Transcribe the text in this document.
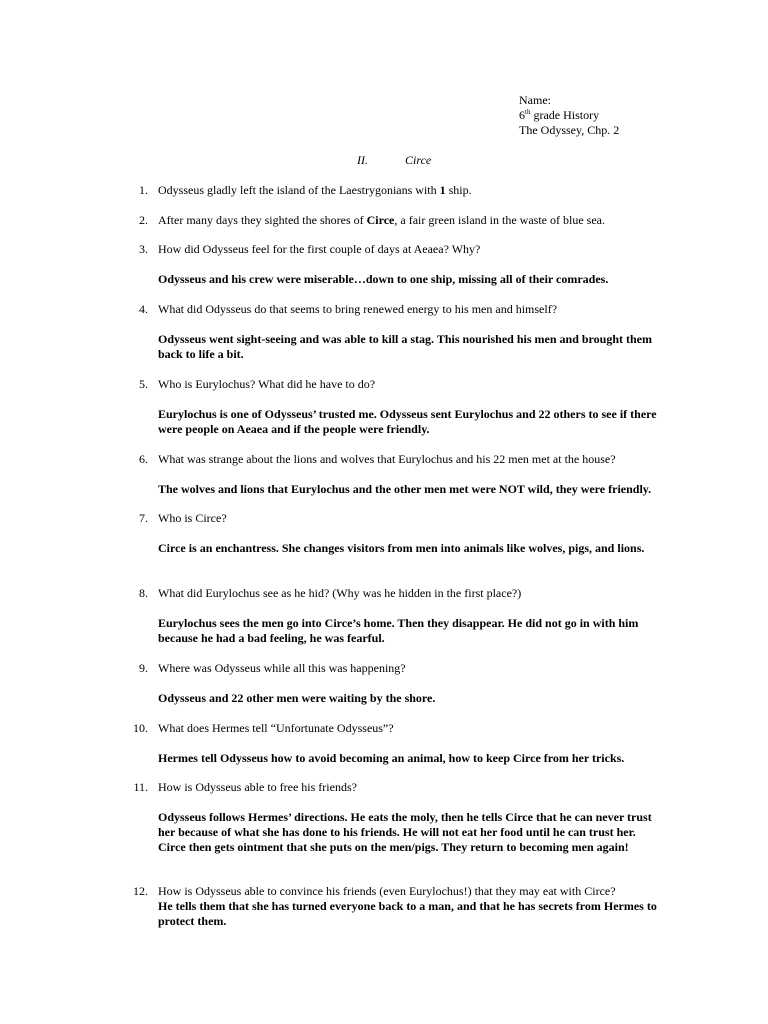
Name:
6th grade History
The Odyssey, Chp. 2
II.	Circe
1. Odysseus gladly left the island of the Laestrygonians with 1 ship.
2. After many days they sighted the shores of Circe, a fair green island in the waste of blue sea.
3. How did Odysseus feel for the first couple of days at Aeaea? Why?
Odysseus and his crew were miserable…down to one ship, missing all of their comrades.
4. What did Odysseus do that seems to bring renewed energy to his men and himself?
Odysseus went sight-seeing and was able to kill a stag. This nourished his men and brought them back to life a bit.
5. Who is Eurylochus? What did he have to do?
Eurylochus is one of Odysseus’ trusted me. Odysseus sent Eurylochus and 22 others to see if there were people on Aeaea and if the people were friendly.
6. What was strange about the lions and wolves that Eurylochus and his 22 men met at the house?
The wolves and lions that Eurylochus and the other men met were NOT wild, they were friendly.
7. Who is Circe?
Circe is an enchantress. She changes visitors from men into animals like wolves, pigs, and lions.
8. What did Eurylochus see as he hid? (Why was he hidden in the first place?)
Eurylochus sees the men go into Circe’s home. Then they disappear. He did not go in with him because he had a bad feeling, he was fearful.
9. Where was Odysseus while all this was happening?
Odysseus and 22 other men were waiting by the shore.
10. What does Hermes tell “Unfortunate Odysseus”?
Hermes tell Odysseus how to avoid becoming an animal, how to keep Circe from her tricks.
11. How is Odysseus able to free his friends?
Odysseus follows Hermes’ directions. He eats the moly, then he tells Circe that he can never trust her because of what she has done to his friends. He will not eat her food until he can trust her. Circe then gets ointment that she puts on the men/pigs. They return to becoming men again!
12. How is Odysseus able to convince his friends (even Eurylochus!) that they may eat with Circe?
He tells them that she has turned everyone back to a man, and that he has secrets from Hermes to protect them.
